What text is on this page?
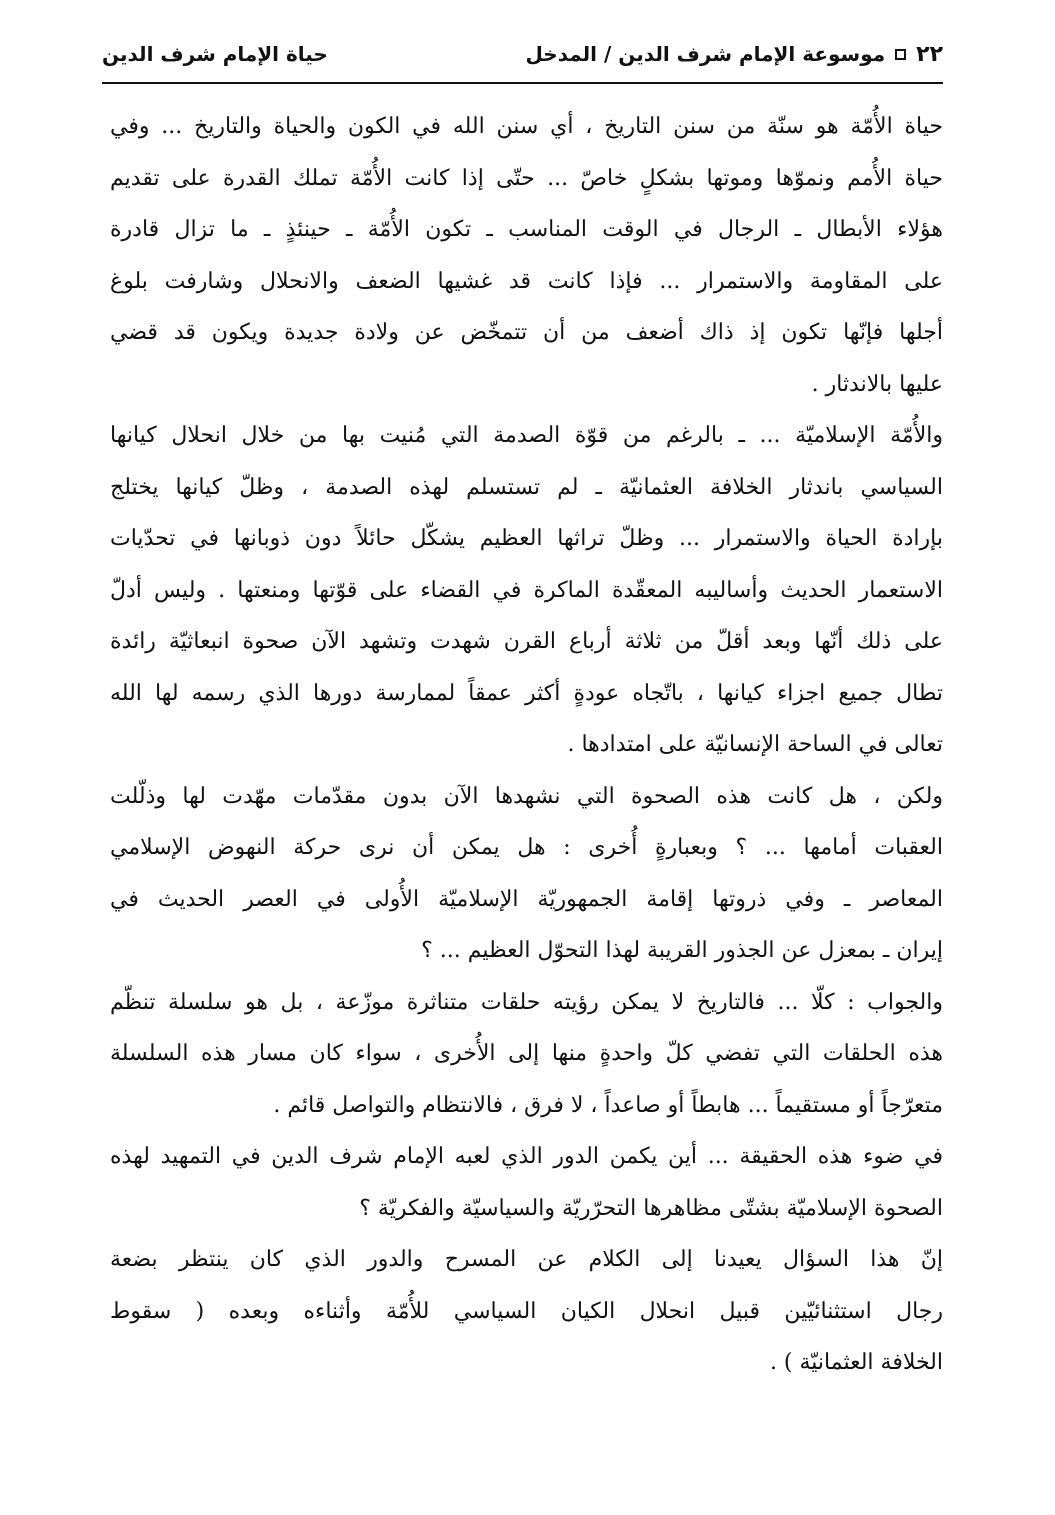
٢٢
موسوعة الإمام شرف الدين / المدخل
حياة الإمام شرف الدين

حياة الأُمّة هو سنّة من سنن التاريخ ، أي سنن الله في الكون والحياة والتاريخ ... وفي
حياة الأُمم ونموّها وموتها بشكلٍ خاصّ ... حتّى إذا كانت الأُمّة تملك القدرة على تقديم
هؤلاء الأبطال ـ الرجال في الوقت المناسب ـ تكون الأُمّة ـ حينئذٍ ـ ما تزال قادرة
على المقاومة والاستمرار ... فإذا كانت قد غشيها الضعف والانحلال وشارفت بلوغ
أجلها فإنّها تكون إذ ذاك أضعف من أن تتمخّض عن ولادة جديدة ويكون قد قضي
عليها بالاندثار .

والأُمّة الإسلاميّة ... ـ بالرغم من قوّة الصدمة التي مُنيت بها من خلال انحلال كيانها
السياسي باندثار الخلافة العثمانيّة ـ لم تستسلم لهذه الصدمة ، وظلّ كيانها يختلج
بإرادة الحياة والاستمرار ... وظلّ تراثها العظيم يشكّل حائلاً دون ذوبانها في تحدّيات
الاستعمار الحديث وأساليبه المعقّدة الماكرة في القضاء على قوّتها ومنعتها . وليس أدلّ
على ذلك أنّها وبعد أقلّ من ثلاثة أرباع القرن شهدت وتشهد الآن صحوة انبعاثيّة رائدة
تطال جميع اجزاء كيانها ، باتّجاه عودةٍ أكثر عمقاً لممارسة دورها الذي رسمه لها الله
تعالى في الساحة الإنسانيّة على امتدادها .

ولكن ، هل كانت هذه الصحوة التي نشهدها الآن بدون مقدّمات مهّدت لها وذلّلت
العقبات أمامها ... ؟ وبعبارةٍ أُخرى : هل يمكن أن نرى حركة النهوض الإسلامي
المعاصر ـ وفي ذروتها إقامة الجمهوريّة الإسلاميّة الأُولى في العصر الحديث في
إيران ـ بمعزل عن الجذور القريبة لهذا التحوّل العظيم ... ؟

والجواب : كلّا ... فالتاريخ لا يمكن رؤيته حلقات متناثرة موزّعة ، بل هو سلسلة تنظّم
هذه الحلقات التي تفضي كلّ واحدةٍ منها إلى الأُخرى ، سواء كان مسار هذه السلسلة
متعرّجاً أو مستقيماً ... هابطاً أو صاعداً ، لا فرق ، فالانتظام والتواصل قائم .

في ضوء هذه الحقيقة ... أين يكمن الدور الذي لعبه الإمام شرف الدين في التمهيد لهذه
الصحوة الإسلاميّة بشتّى مظاهرها التحرّريّة والسياسيّة والفكريّة ؟

إنّ هذا السؤال يعيدنا إلى الكلام عن المسرح والدور الذي كان ينتظر بضعة
رجال استثنائيّين قبيل انحلال الكيان السياسي للأُمّة وأثناءه وبعده ( سقوط
الخلافة العثمانيّة ) .
